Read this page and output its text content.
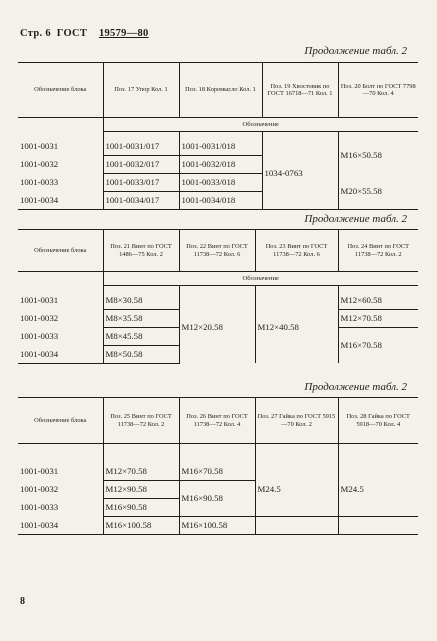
Стр. 6 ГОСТ 19579—80
Продолжение табл. 2
Обозначение блока	Поз. 17 Упор Кол. 1	Поз. 18 Коромысло Кол. 1	Поз. 19 Хвостовик по ГОСТ 16718—71 Кол. 1	Поз. 20 Болт по ГОСТ 7798—70 Кол. 4
	Обозначение			

1001-0031	1001-0031/017	1001-0031/018	1034-0763	M16×50.58
1001-0032	1001-0032/017	1001-0032/018		
1001-0033	1001-0033/017	1001-0033/018		M20×55.58
1001-0034	1001-0034/017	1001-0034/018		
Продолжение табл. 2
Обозначение блока	Поз. 21 Винт по ГОСТ 1486—75 Кол. 2	Поз. 22 Винт по ГОСТ 11738—72 Кол. 6	Поз. 23 Винт по ГОСТ 11738—72 Кол. 6	Поз. 24 Винт по ГОСТ 11738—72 Кол. 2
	Обозначение			

1001-0031	M8×30.58	M12×20.58	M12×40.58	M12×60.58
1001-0032	M8×35.58			M12×70.58
1001-0033	M8×45.58			M16×70.58
1001-0034	M8×50.58			
Продолжение табл. 2
Обозначение блока	Поз. 25 Винт по ГОСТ 11738—72 Кол. 2	Поз. 26 Винт по ГОСТ 11738—72 Кол. 4	Поз. 27 Гайка по ГОСТ 5915—70 Кол. 2	Поз. 28 Гайка по ГОСТ 5918—70 Кол. 4

1001-0031	M12×70.58	M16×70.58	M24.5	M24.5
1001-0032	M12×90.58	M16×90.58		
1001-0033	M16×90.58			
1001-0034	M16×100.58	M16×100.58		
8
